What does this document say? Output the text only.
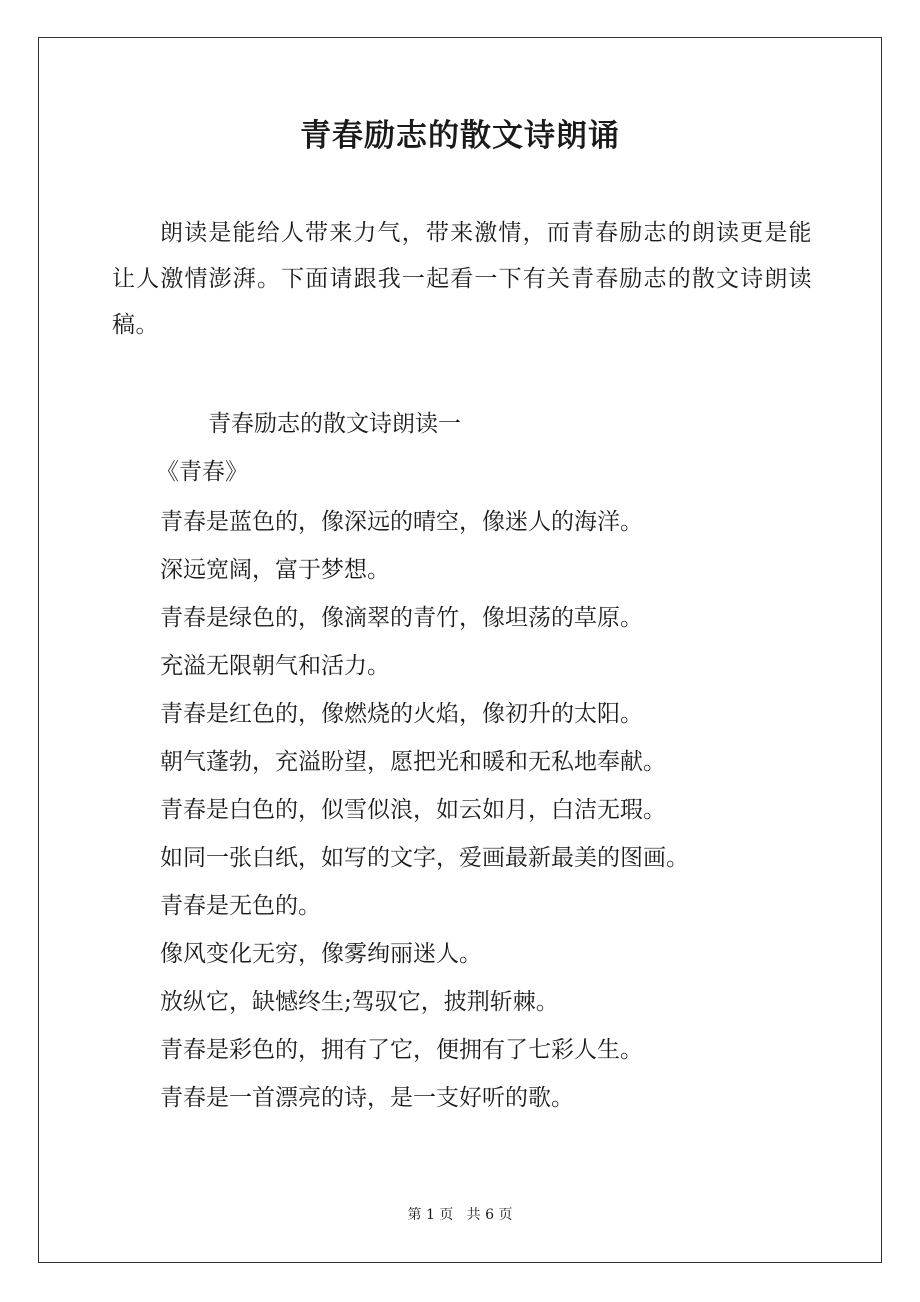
青春励志的散文诗朗诵

朗读是能给人带来力气，带来激情，而青春励志的朗读更是能让人激情澎湃。下面请跟我一起看一下有关青春励志的散文诗朗读稿。

青春励志的散文诗朗读一

《青春》

青春是蓝色的，像深远的晴空，像迷人的海洋。
深远宽阔，富于梦想。
青春是绿色的，像滴翠的青竹，像坦荡的草原。
充溢无限朝气和活力。
青春是红色的，像燃烧的火焰，像初升的太阳。
朝气蓬勃，充溢盼望，愿把光和暖和无私地奉献。
青春是白色的，似雪似浪，如云如月，白洁无瑕。
如同一张白纸，如写的文字，爱画最新最美的图画。
青春是无色的。
像风变化无穷，像雾绚丽迷人。
放纵它，缺憾终生;驾驭它，披荆斩棘。
青春是彩色的，拥有了它，便拥有了七彩人生。
青春是一首漂亮的诗，是一支好听的歌。
第 1 页   共 6 页
